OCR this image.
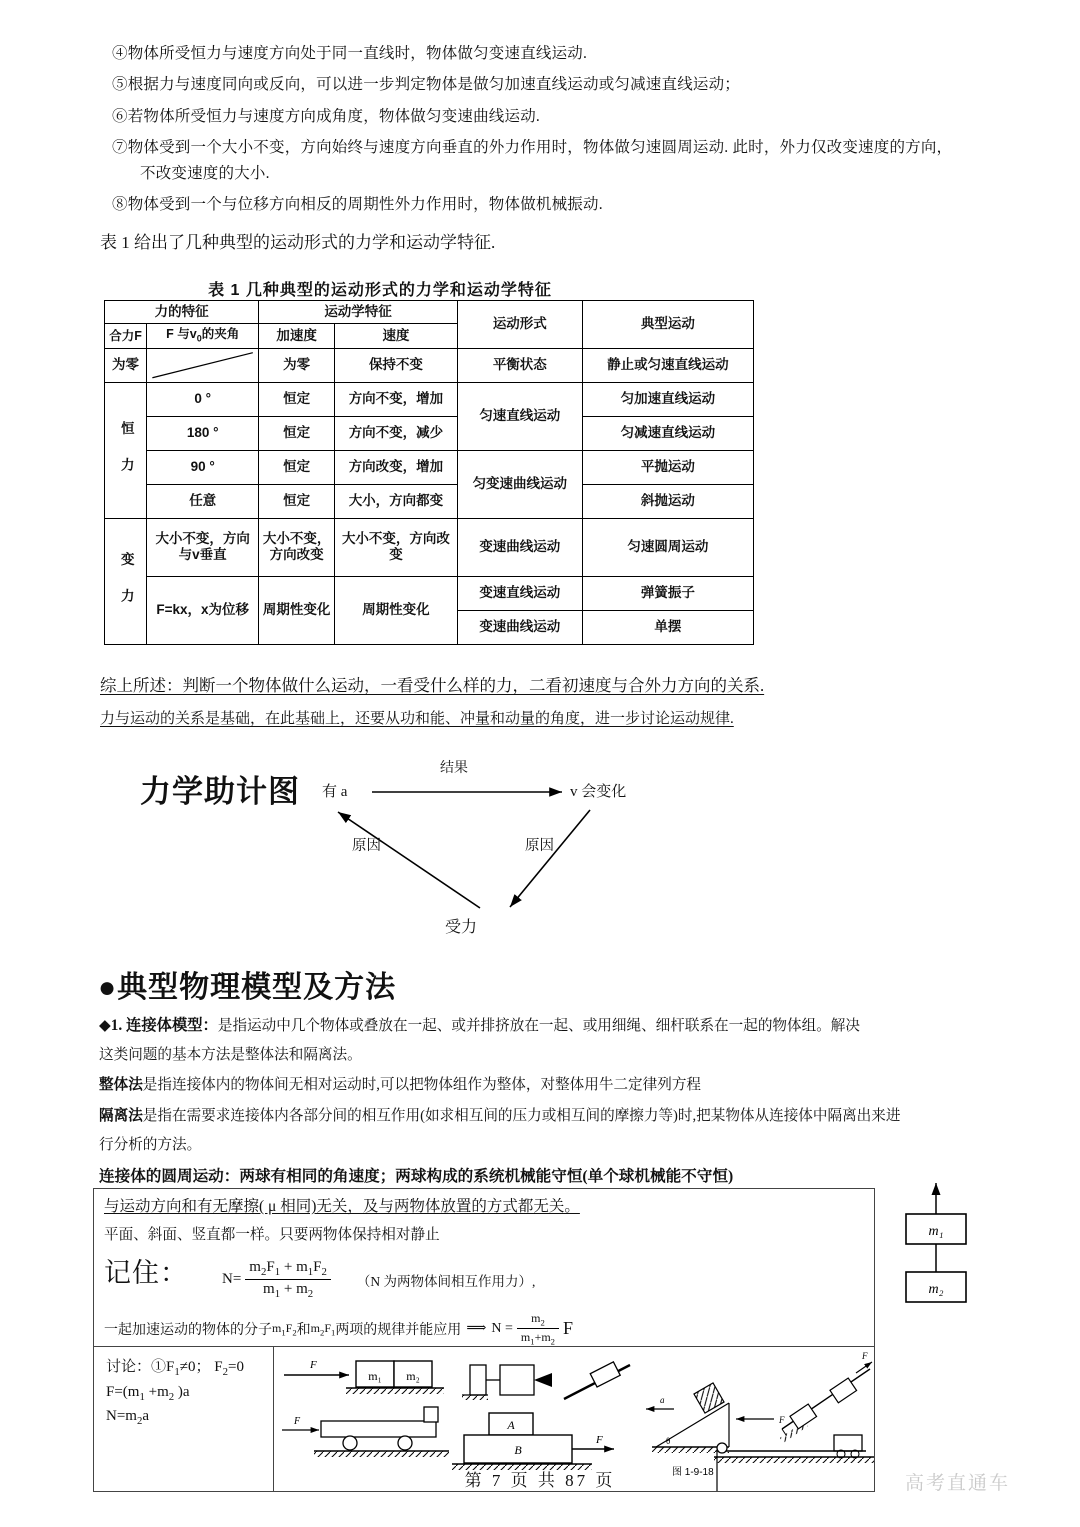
④物体所受恒力与速度方向处于同一直线时，物体做匀变速直线运动.

⑤根据力与速度同向或反向，可以进一步判定物体是做匀加速直线运动或匀减速直线运动；

⑥若物体所受恒力与速度方向成角度，物体做匀变速曲线运动.

⑦物体受到一个大小不变，方向始终与速度方向垂直的外力作用时，物体做匀速圆周运动. 此时，外力仅改变速度的方向，

不改变速度的大小.

⑧物体受到一个与位移方向相反的周期性外力作用时，物体做机械振动.

表 1 给出了几种典型的运动形式的力学和运动学特征.
表 1 几种典型的运动形式的力学和运动学特征
力的特征		运动学特征		运动形式	典型运动
合力F	F 与$v_0$的夹角	加速度	速度		
为零		为零	保持不变	平衡状态	静止或匀速直线运动
恒 力	0 °	恒定	方向不变，增加	匀速直线运动	匀加速直线运动
	180 °	恒定	方向不变，减少		匀减速直线运动
	90 °	恒定	方向改变，增加	匀变速曲线运动	平抛运动
	任意	恒定	大小，方向都变		斜抛运动
变 力	大小不变，方向与v垂直	大小不变，方向改变	大小不变，方向改变	变速曲线运动	匀速圆周运动
	F=kx，x为位移	周期性变化	周期性变化	变速直线运动	弹簧振子
				变速曲线运动	单摆
综上所述：判断一个物体做什么运动，一看受什么样的力，二看初速度与合外力方向的关系.
力与运动的关系是基础，在此基础上，还要从功和能、冲量和动量的角度，进一步讨论运动规律.
力学助计图 有 a
结果
v 会变化
原因	原因
受力
●典型物理模型及方法

◆1. 连接体模型：是指运动中几个物体或叠放在一起、或并排挤放在一起、或用细绳、细杆联系在一起的物体组。解决

这类问题的基本方法是整体法和隔离法。

整体法是指连接体内的物体间无相对运动时,可以把物体组作为整体，对整体用牛二定律列方程

隔离法是指在需要求连接体内各部分间的相互作用(如求相互间的压力或相互间的摩擦力等)时,把某物体从连接体中隔离出来进

行分析的方法。

连接体的圆周运动：两球有相同的角速度；两球构成的系统机械能守恒(单个球机械能不守恒)

与运动方向和有无摩擦( μ 相同)无关，及与两物体放置的方式都无关。
平面、斜面、竖直都一样。只要两物体保持相对静止
记住： $N= \frac{m_2F_1 + m_1F_2}{m_1 + m_2} (N$ 为两物体间相互作用力）,
一起加速运动的物体的分子 $m_1F_2$ 和 $m_2F_1$ 两项的规律并能应用 ⟹ $N = \frac{m_2}{m_1+m_2}$ F
m₁
m₂
讨论：$①F_1\ne 0$； $F_2=0$
$F=(m_1 +m_2$ )a
$N=m_2a$
F
m₁ m₂
F	A
B
F
a
θ
F
图 1-9-18
F
第 7 页 共 87 页	高考直通车
